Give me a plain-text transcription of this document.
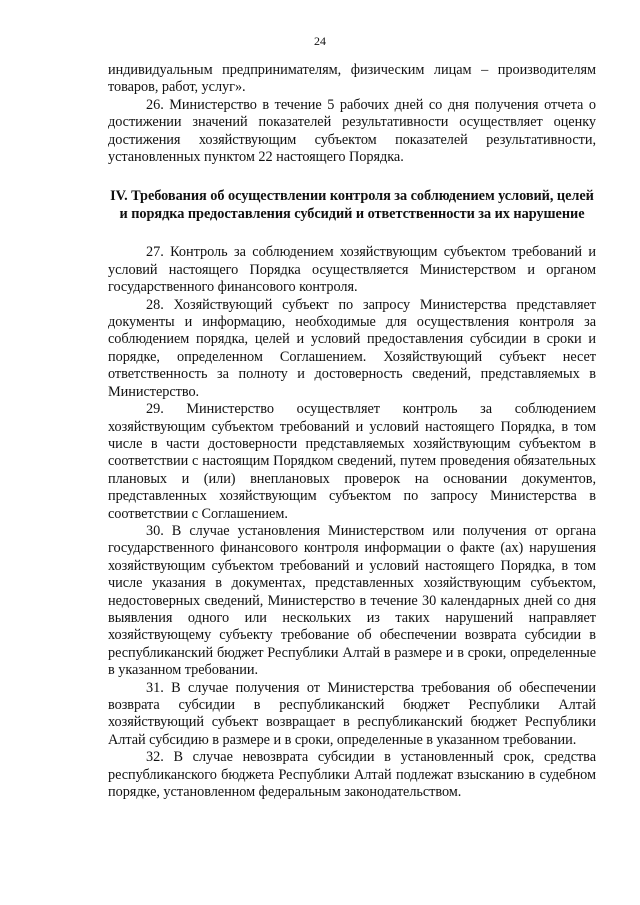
24

индивидуальным предпринимателям, физическим лицам – производителям товаров, работ, услуг».

26. Министерство в течение 5 рабочих дней со дня получения отчета о достижении значений показателей результативности осуществляет оценку достижения хозяйствующим субъектом показателей результативности, установленных пунктом 22 настоящего Порядка.

IV. Требования об осуществлении контроля за соблюдением условий, целей и порядка предоставления субсидий и ответственности за их нарушение

27. Контроль за соблюдением хозяйствующим субъектом требований и условий настоящего Порядка осуществляется Министерством и органом государственного финансового контроля.

28. Хозяйствующий субъект по запросу Министерства представляет документы и информацию, необходимые для осуществления контроля за соблюдением порядка, целей и условий предоставления субсидии в сроки и порядке, определенном Соглашением. Хозяйствующий субъект несет ответственность за полноту и достоверность сведений, представляемых в Министерство.

29. Министерство осуществляет контроль за соблюдением хозяйствующим субъектом требований и условий настоящего Порядка, в том числе в части достоверности представляемых хозяйствующим субъектом в соответствии с настоящим Порядком сведений, путем проведения обязательных плановых и (или) внеплановых проверок на основании документов, представленных хозяйствующим субъектом по запросу Министерства в соответствии с Соглашением.

30. В случае установления Министерством или получения от органа государственного финансового контроля информации о факте (ах) нарушения хозяйствующим субъектом требований и условий настоящего Порядка, в том числе указания в документах, представленных хозяйствующим субъектом, недостоверных сведений, Министерство в течение 30 календарных дней со дня выявления одного или нескольких из таких нарушений направляет хозяйствующему субъекту требование об обеспечении возврата субсидии в республиканский бюджет Республики Алтай в размере и в сроки, определенные в указанном требовании.

31. В случае получения от Министерства требования об обеспечении возврата субсидии в республиканский бюджет Республики Алтай хозяйствующий субъект возвращает в республиканский бюджет Республики Алтай субсидию в размере и в сроки, определенные в указанном требовании.

32. В случае невозврата субсидии в установленный срок, средства республиканского бюджета Республики Алтай подлежат взысканию в судебном порядке, установленном федеральным законодательством.
